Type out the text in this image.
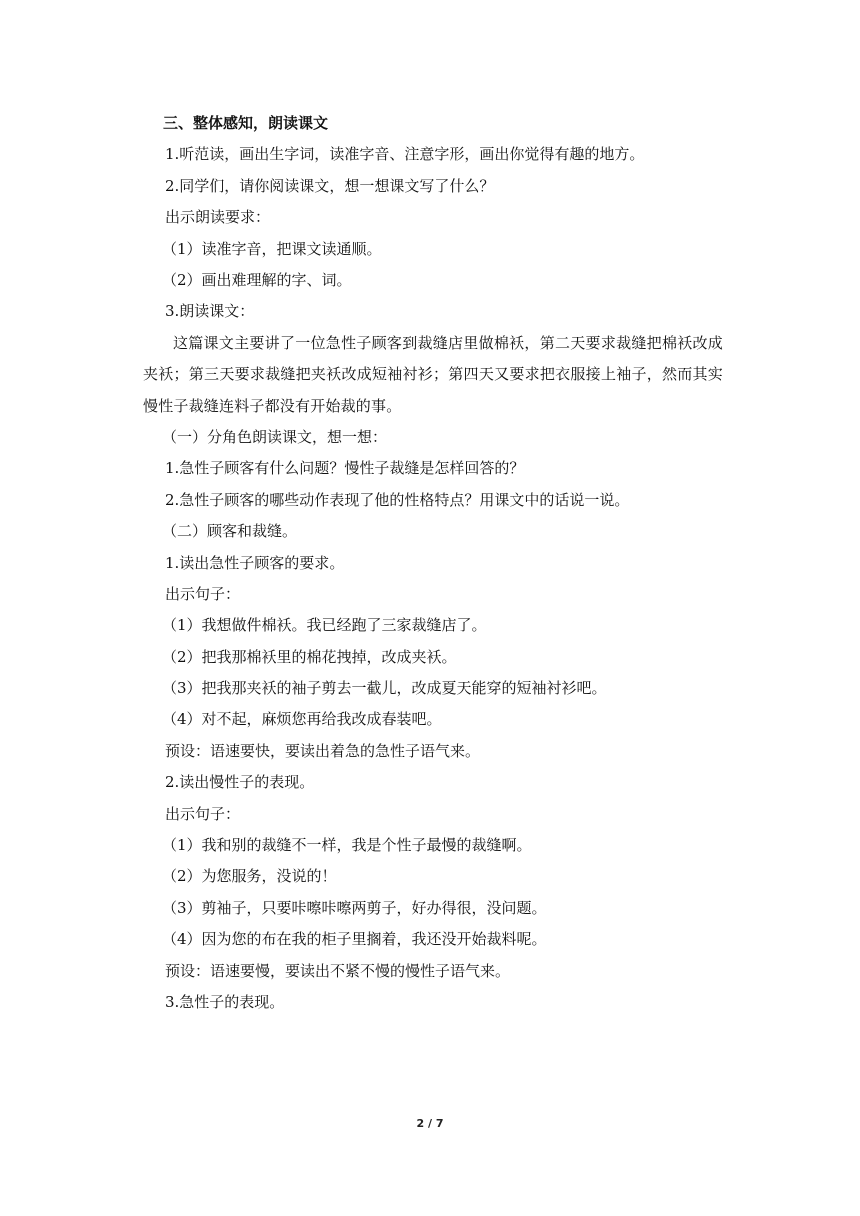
三、整体感知，朗读课文
1.听范读，画出生字词，读准字音、注意字形，画出你觉得有趣的地方。
2.同学们，请你阅读课文，想一想课文写了什么？
出示朗读要求：
（1）读准字音，把课文读通顺。
（2）画出难理解的字、词。
3.朗读课文：
这篇课文主要讲了一位急性子顾客到裁缝店里做棉袄，第二天要求裁缝把棉袄改成夹袄；第三天要求裁缝把夹袄改成短袖衬衫；第四天又要求把衣服接上袖子，然而其实慢性子裁缝连料子都没有开始裁的事。
（一）分角色朗读课文，想一想：
1.急性子顾客有什么问题？慢性子裁缝是怎样回答的？
2.急性子顾客的哪些动作表现了他的性格特点？用课文中的话说一说。
（二）顾客和裁缝。
1.读出急性子顾客的要求。
出示句子：
（1）我想做件棉袄。我已经跑了三家裁缝店了。
（2）把我那棉袄里的棉花拽掉，改成夹袄。
（3）把我那夹袄的袖子剪去一截儿，改成夏天能穿的短袖衬衫吧。
（4）对不起，麻烦您再给我改成春装吧。
预设：语速要快，要读出着急的急性子语气来。
2.读出慢性子的表现。
出示句子：
（1）我和别的裁缝不一样，我是个性子最慢的裁缝啊。
（2）为您服务，没说的！
（3）剪袖子，只要咔嚓咔嚓两剪子，好办得很，没问题。
（4）因为您的布在我的柜子里搁着，我还没开始裁料呢。
预设：语速要慢，要读出不紧不慢的慢性子语气来。
3.急性子的表现。
2 / 7
